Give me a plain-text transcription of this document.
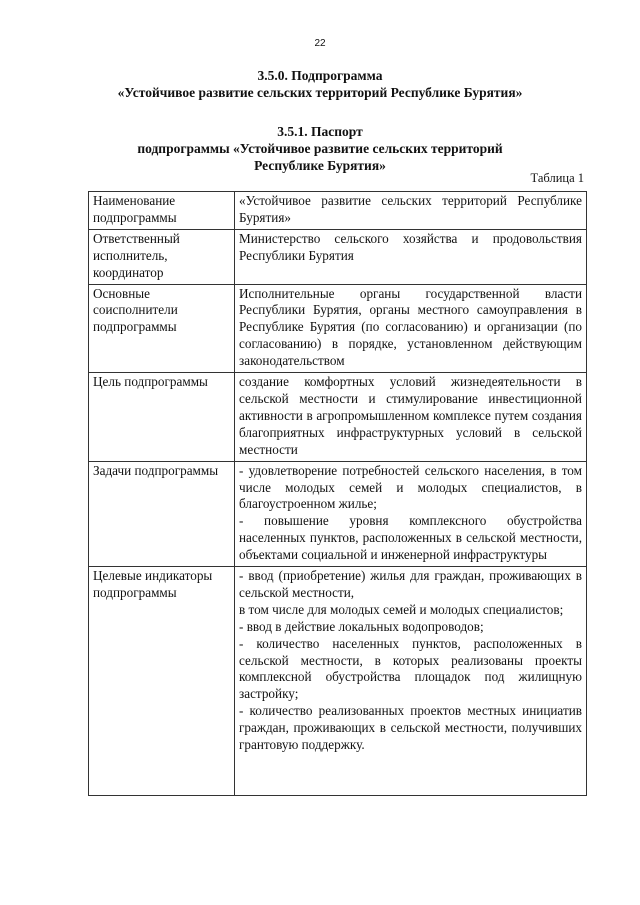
22
3.5.0. Подпрограмма
«Устойчивое развитие сельских территорий Республике Бурятия»
3.5.1. Паспорт
подпрограммы «Устойчивое развитие сельских территорий
Республике Бурятия»
Таблица 1
Наименование подпрограммы	«Устойчивое развитие сельских территорий Республике Бурятия»

Ответственный исполнитель, координатор	Министерство сельского хозяйства и продовольствия Республики Бурятия

Основные соисполнители подпрограммы	Исполнительные органы государственной власти Республики Бурятия, органы местного самоуправления в Республике Бурятия (по согласованию) и организации (по согласованию) в порядке, установленном действующим законодательством

Цель подпрограммы	создание комфортных условий жизнедеятельности в сельской местности и стимулирование инвестиционной активности в агропромышленном комплексе путем создания благоприятных инфраструктурных условий в сельской местности

Задачи подпрограммы	- удовлетворение потребностей сельского населения, в том числе молодых семей и молодых специалистов, в благоустроенном жилье;
- повышение уровня комплексного обустройства населенных пунктов, расположенных в сельской местности, объектами социальной и инженерной инфраструктуры

Целевые индикаторы подпрограммы	- ввод (приобретение) жилья для граждан, проживающих в сельской местности,
в том числе для молодых семей и молодых специалистов;
- ввод в действие локальных водопроводов;
- количество населенных пунктов, расположенных в сельской местности, в которых реализованы проекты комплексной обустройства площадок под жилищную застройку;
- количество реализованных проектов местных инициатив граждан, проживающих в сельской местности, получивших грантовую поддержку.
